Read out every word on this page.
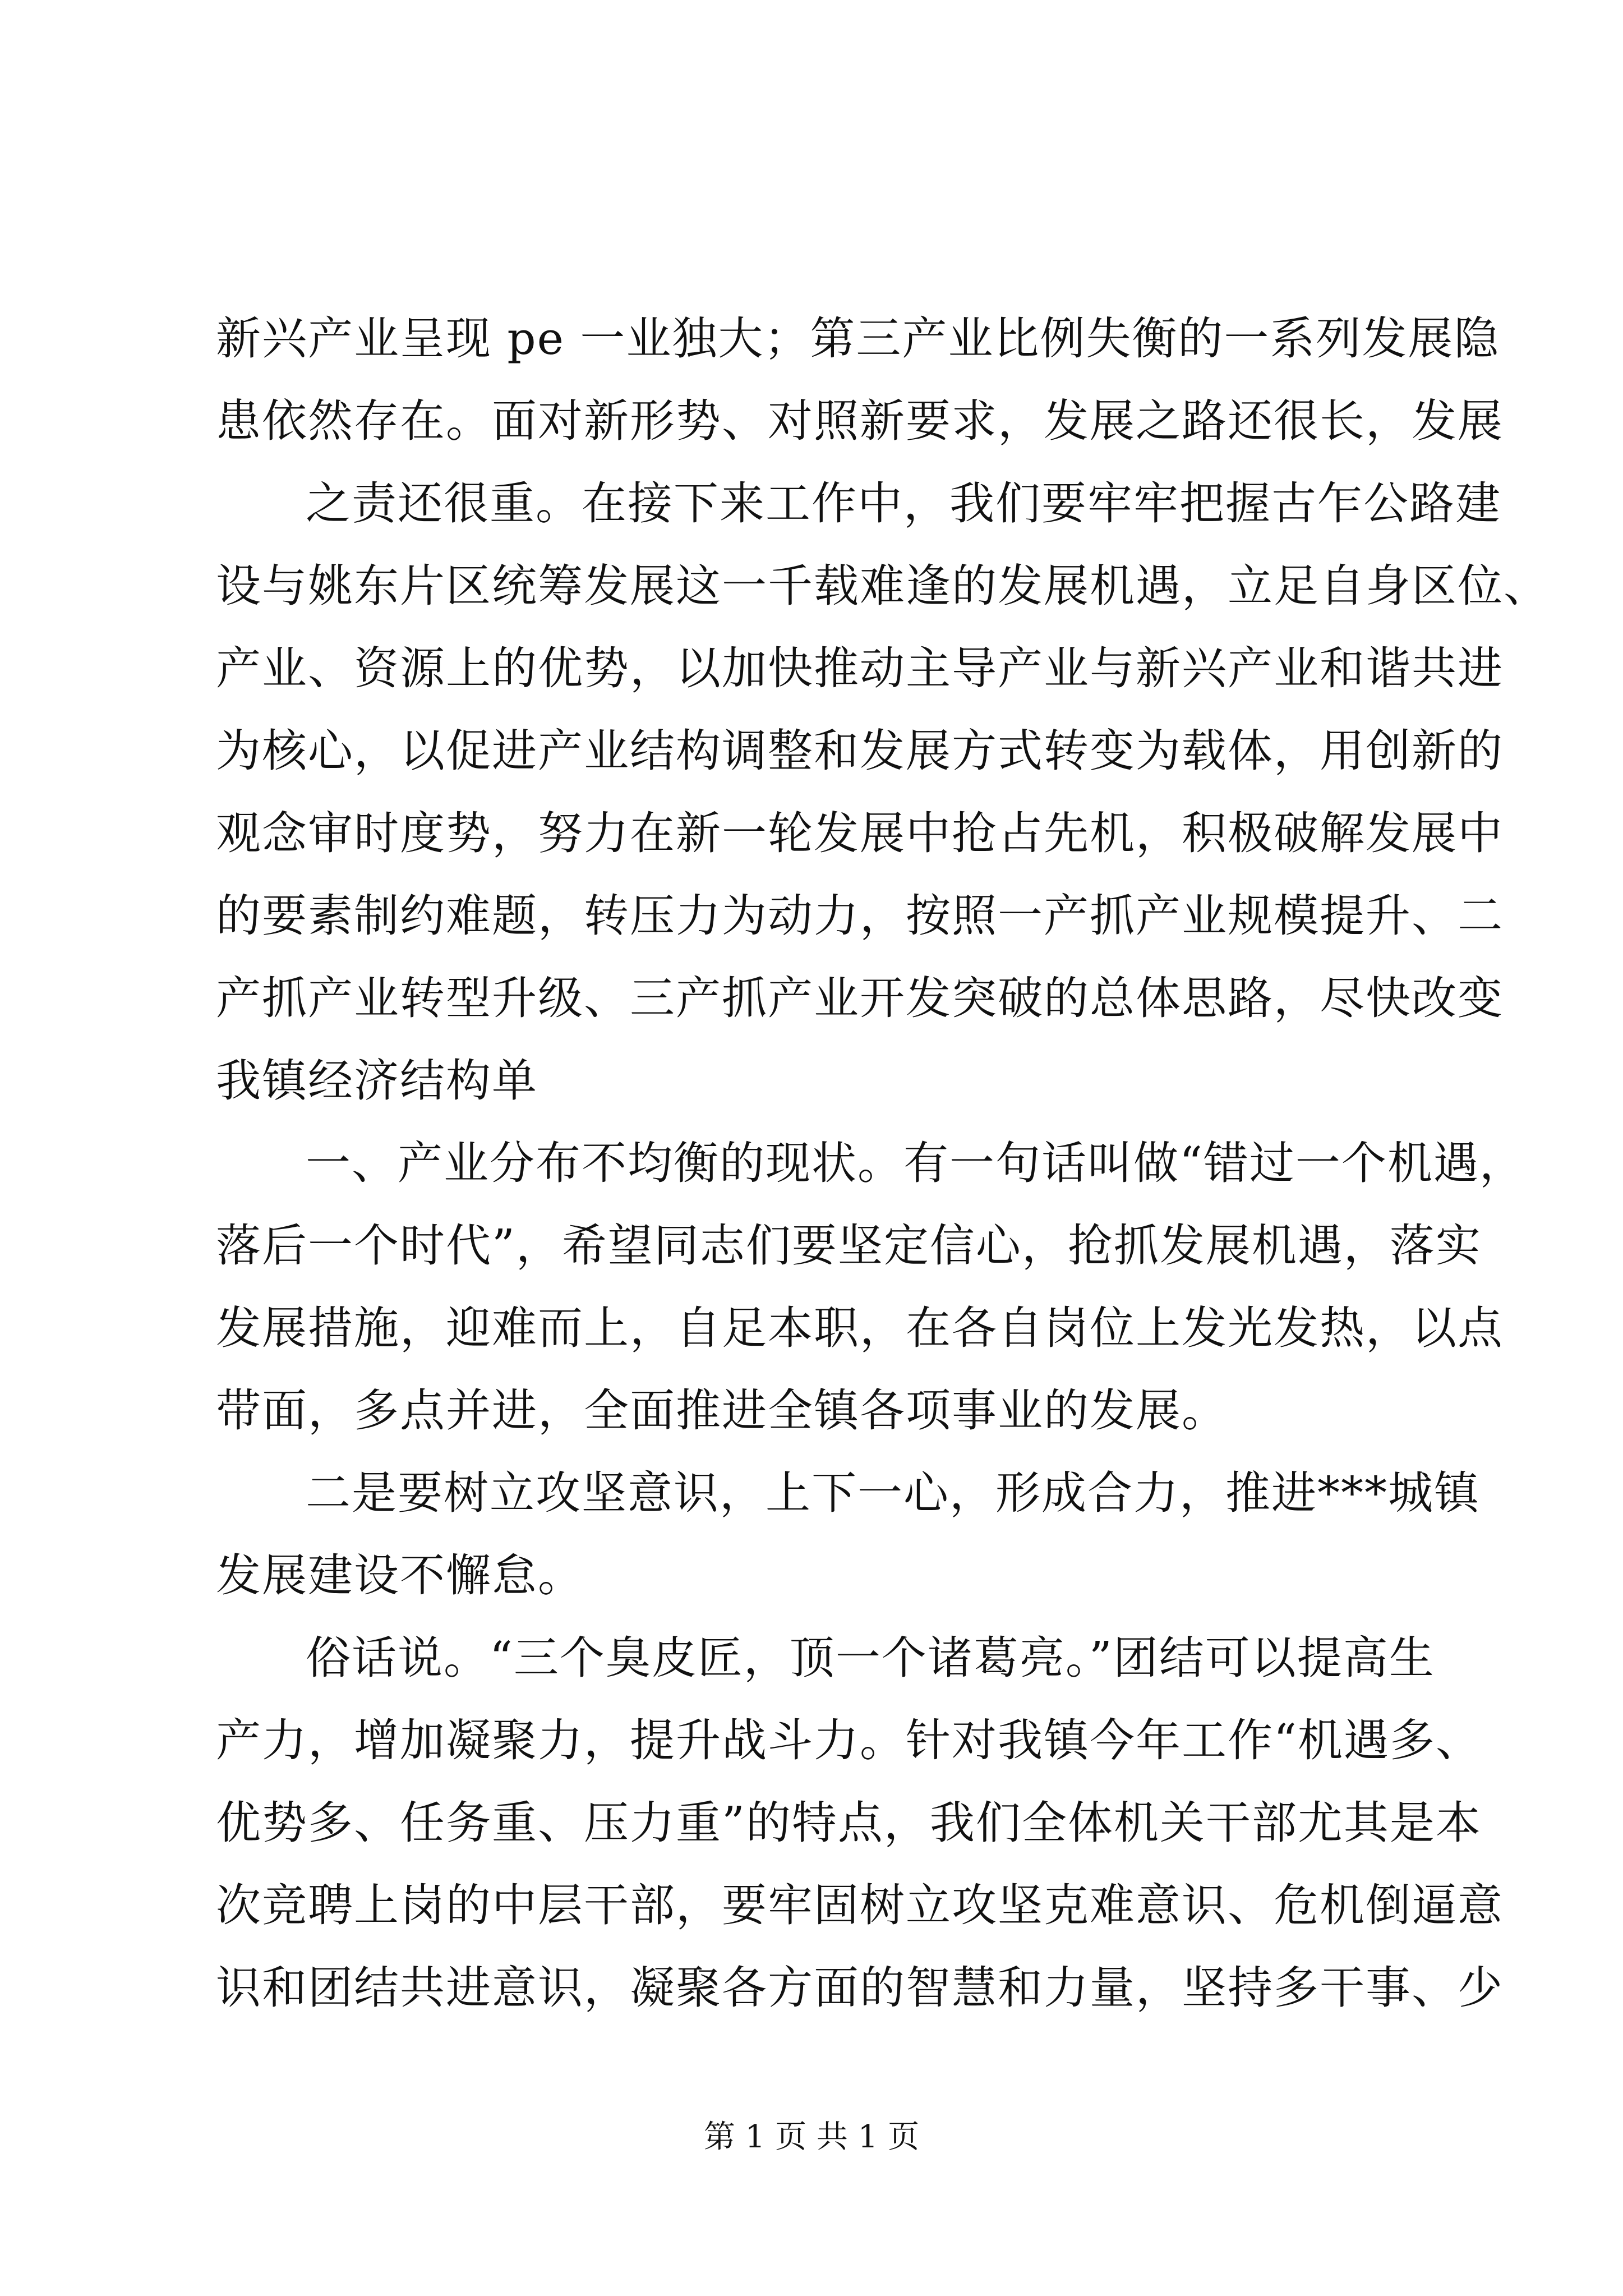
新兴产业呈现 pe 一业独大；第三产业比例失衡的一系列发展隐
患依然存在。面对新形势、对照新要求，发展之路还很长，发展
之责还很重。在接下来工作中，我们要牢牢把握古乍公路建
设与姚东片区统筹发展这一千载难逢的发展机遇，立足自身区位、
产业、资源上的优势，以加快推动主导产业与新兴产业和谐共进
为核心，以促进产业结构调整和发展方式转变为载体，用创新的
观念审时度势，努力在新一轮发展中抢占先机，积极破解发展中
的要素制约难题，转压力为动力，按照一产抓产业规模提升、二
产抓产业转型升级、三产抓产业开发突破的总体思路，尽快改变
我镇经济结构单
一、产业分布不均衡的现状。有一句话叫做“错过一个机遇，
落后一个时代”，希望同志们要坚定信心，抢抓发展机遇，落实
发展措施，迎难而上，自足本职，在各自岗位上发光发热，以点
带面，多点并进，全面推进全镇各项事业的发展。
二是要树立攻坚意识，上下一心，形成合力，推进***城镇
发展建设不懈怠。
俗话说。“三个臭皮匠，顶一个诸葛亮。”团结可以提高生
产力，增加凝聚力，提升战斗力。针对我镇今年工作“机遇多、
优势多、任务重、压力重”的特点，我们全体机关干部尤其是本
次竞聘上岗的中层干部，要牢固树立攻坚克难意识、危机倒逼意
识和团结共进意识，凝聚各方面的智慧和力量，坚持多干事、少
第 1 页 共 1 页
